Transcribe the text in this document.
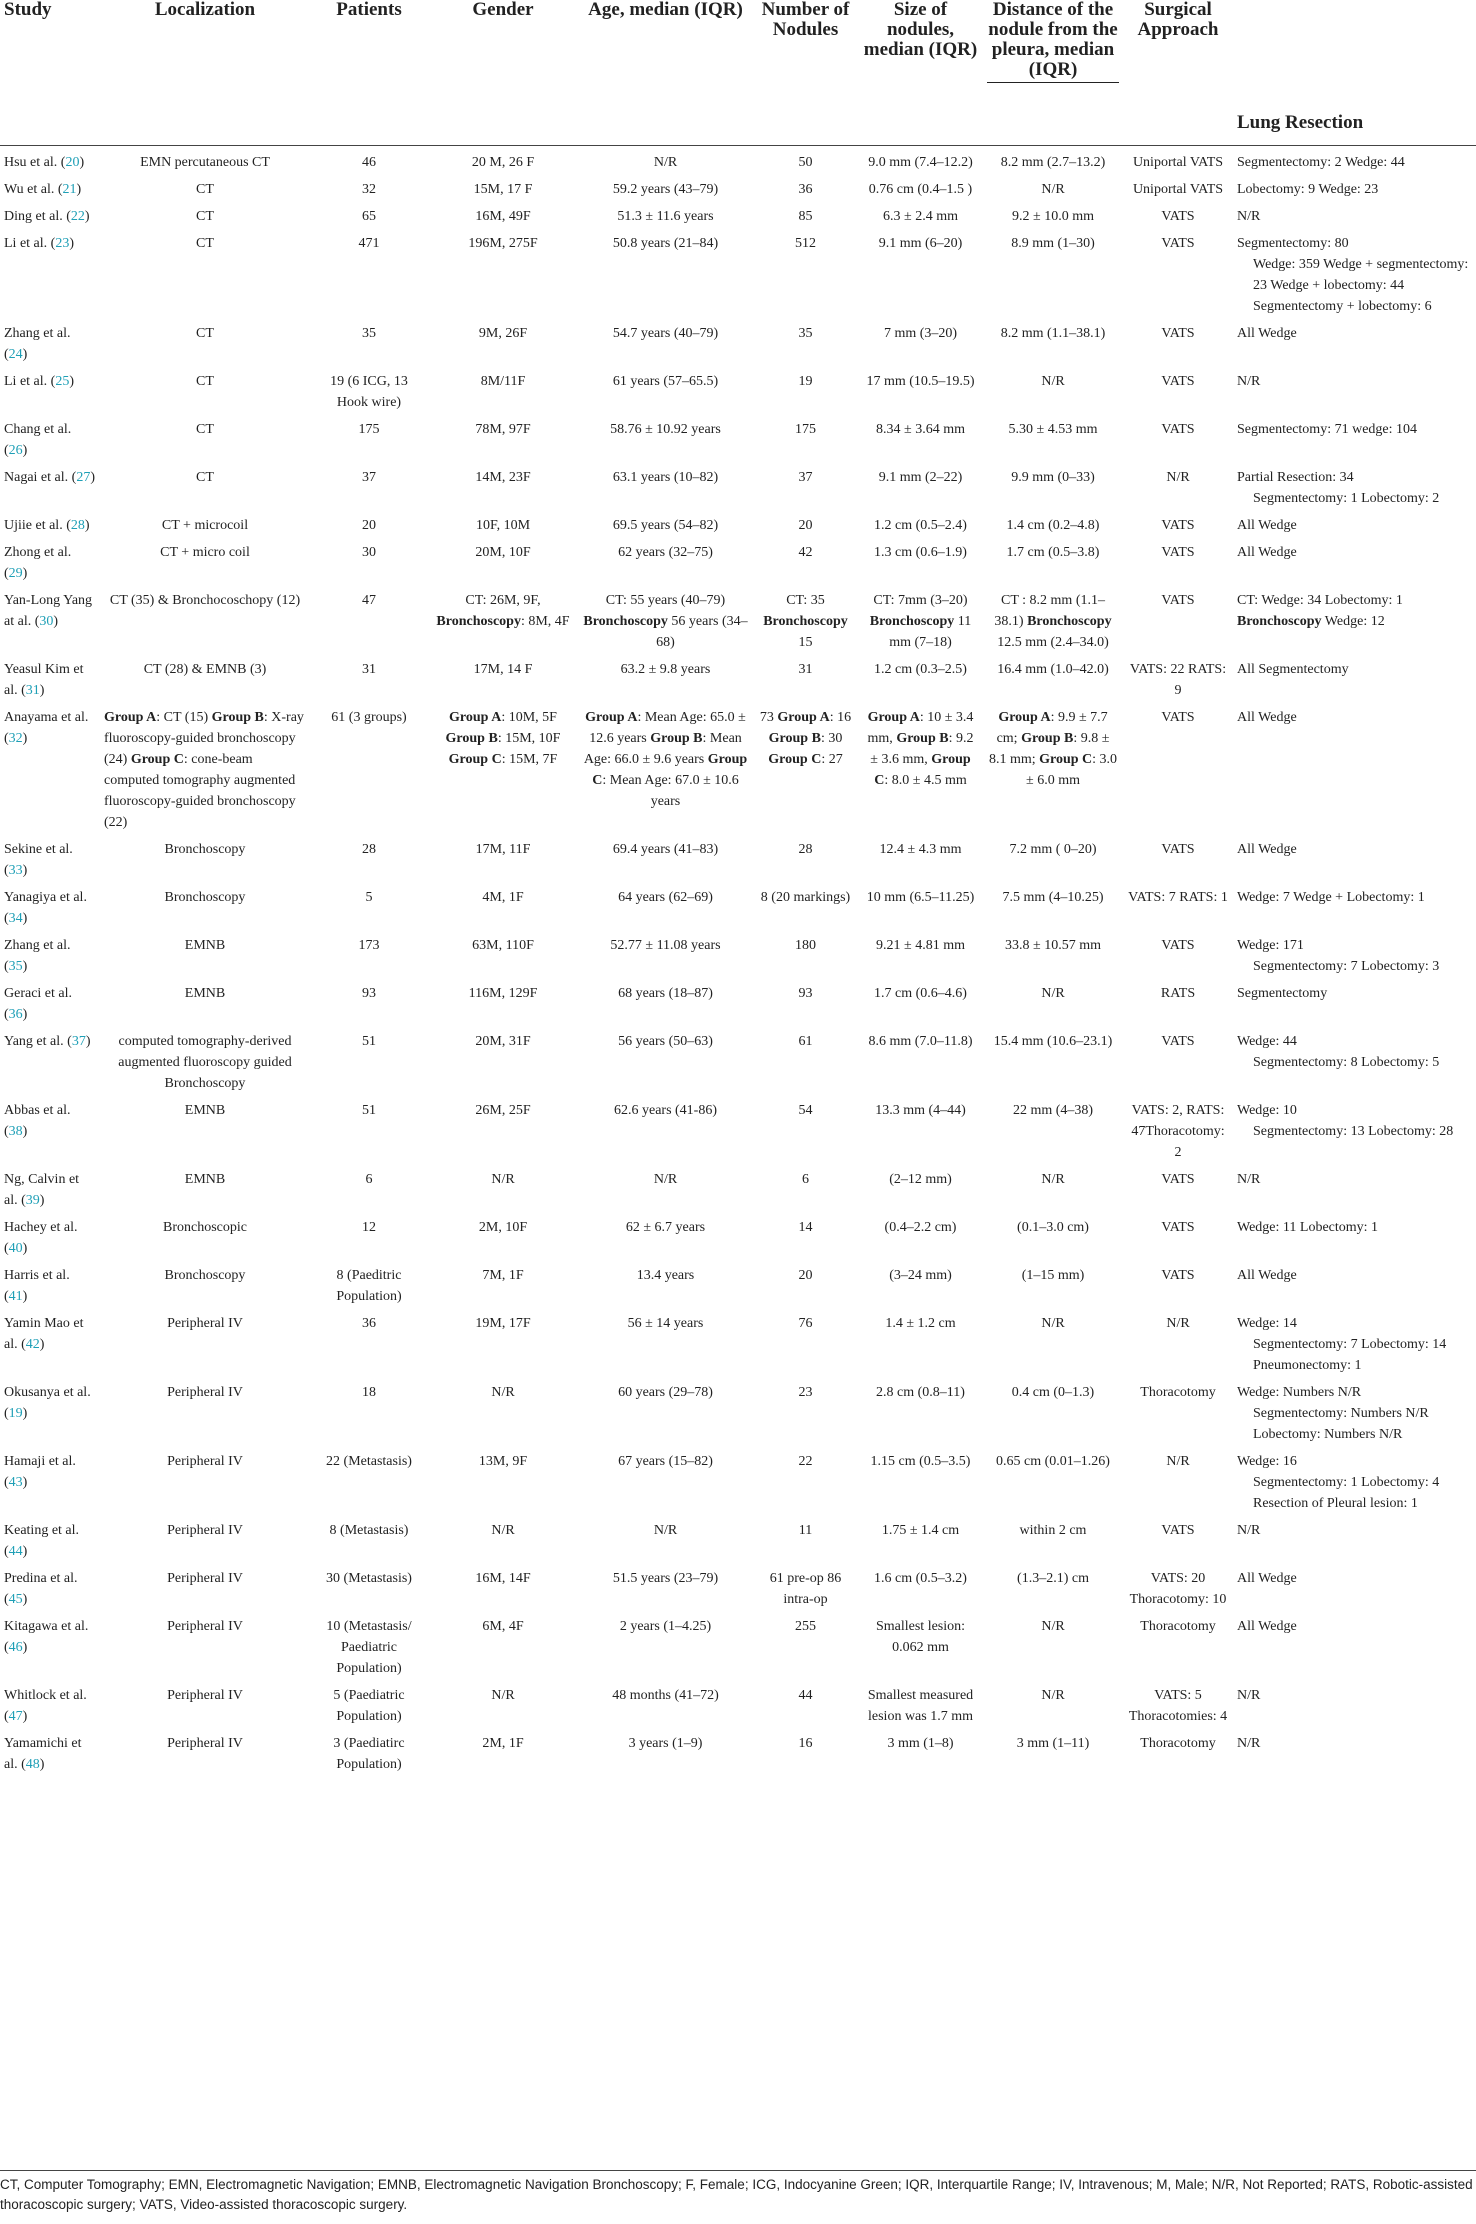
Study	Localization	Patients	Gender	Age, median (IQR)	Number of Nodules	Size of nodules, median (IQR)	Distance of the nodule from the pleura, median (IQR)	Surgical Approach	Lung Resection
Hsu et al. (20)	EMN percutaneous CT	46	20 M, 26 F	N/R	50	9.0 mm (7.4–12.2)	8.2 mm (2.7–13.2)	Uniportal VATS	Segmentectomy: 2 Wedge: 44
Wu et al. (21)	CT	32	15M, 17 F	59.2 years (43–79)	36	0.76 cm (0.4–1.5 )	N/R	Uniportal VATS	Lobectomy: 9 Wedge: 23
Ding et al. (22)	CT	65	16M, 49F	51.3 ± 11.6 years	85	6.3 ± 2.4 mm	9.2 ± 10.0 mm	VATS	N/R
Li et al. (23)	CT	471	196M, 275F	50.8 years (21–84)	512	9.1 mm (6–20)	8.9 mm (1–30)	VATS	Segmentectomy: 80
Wedge: 359 Wedge + segmentectomy: 23 Wedge + lobectomy: 44 Segmentectomy + lobectomy: 6

Zhang et al. (24)	CT	35	9M, 26F	54.7 years (40–79)	35	7 mm (3–20)	8.2 mm (1.1–38.1)	VATS	All Wedge
Li et al. (25)	CT	19 (6 ICG, 13 Hook wire)	8M/11F	61 years (57–65.5)	19	17 mm (10.5–19.5)	N/R	VATS	N/R
Chang et al. (26)	CT	175	78M, 97F	58.76 ± 10.92 years	175	8.34 ± 3.64 mm	5.30 ± 4.53 mm	VATS	Segmentectomy: 71 wedge: 104
Nagai et al. (27)	CT	37	14M, 23F	63.1 years (10–82)	37	9.1 mm (2–22)	9.9 mm (0–33)	N/R	Partial Resection: 34
Segmentectomy: 1 Lobectomy: 2

Ujiie et al. (28)	CT + microcoil	20	10F, 10M	69.5 years (54–82)	20	1.2 cm (0.5–2.4)	1.4 cm (0.2–4.8)	VATS	All Wedge
Zhong et al. (29)	CT + micro coil	30	20M, 10F	62 years (32–75)	42	1.3 cm (0.6–1.9)	1.7 cm (0.5–3.8)	VATS	All Wedge
Yan-Long Yang at al. (30)	CT (35) & Bronchocoschopy (12)	47	CT: 26M, 9F, Bronchoscopy: 8M, 4F	CT: 55 years (40–79) Bronchoscopy 56 years (34–68)	CT: 35 Bronchoscopy 15	CT: 7mm (3–20) Bronchoscopy 11 mm (7–18)	CT : 8.2 mm (1.1–38.1) Bronchoscopy 12.5 mm (2.4–34.0)	VATS	CT: Wedge: 34 Lobectomy: 1 Bronchoscopy Wedge: 12
Yeasul Kim et al. (31)	CT (28) & EMNB (3)	31	17M, 14 F	63.2 ± 9.8 years	31	1.2 cm (0.3–2.5)	16.4 mm (1.0–42.0)	VATS: 22 RATS: 9	All Segmentectomy
Anayama et al. (32)	Group A: CT (15) Group B: X-ray fluoroscopy-guided bronchoscopy (24) Group C: cone-beam computed tomography augmented fluoroscopy-guided bronchoscopy (22)	61 (3 groups)	Group A: 10M, 5F Group B: 15M, 10F Group C: 15M, 7F	Group A: Mean Age: 65.0 ± 12.6 years Group B: Mean Age: 66.0 ± 9.6 years Group C: Mean Age: 67.0 ± 10.6 years	73 Group A: 16 Group B: 30 Group C: 27	Group A: 10 ± 3.4 mm, Group B: 9.2 ± 3.6 mm, Group C: 8.0 ± 4.5 mm	Group A: 9.9 ± 7.7 cm; Group B: 9.8 ± 8.1 mm; Group C: 3.0 ± 6.0 mm	VATS	All Wedge
Sekine et al. (33)	Bronchoscopy	28	17M, 11F	69.4 years (41–83)	28	12.4 ± 4.3 mm	7.2 mm ( 0–20)	VATS	All Wedge
Yanagiya et al. (34)	Bronchoscopy	5	4M, 1F	64 years (62–69)	8 (20 markings)	10 mm (6.5–11.25)	7.5 mm (4–10.25)	VATS: 7 RATS: 1	Wedge: 7 Wedge + Lobectomy: 1
Zhang et al. (35)	EMNB	173	63M, 110F	52.77 ± 11.08 years	180	9.21 ± 4.81 mm	33.8 ± 10.57 mm	VATS	Wedge: 171
Segmentectomy: 7 Lobectomy: 3

Geraci et al. (36)	EMNB	93	116M, 129F	68 years (18–87)	93	1.7 cm (0.6–4.6)	N/R	RATS	Segmentectomy
Yang et al. (37)	computed tomography-derived augmented fluoroscopy guided Bronchoscopy	51	20M, 31F	56 years (50–63)	61	8.6 mm (7.0–11.8)	15.4 mm (10.6–23.1)	VATS	Wedge: 44
Segmentectomy: 8 Lobectomy: 5

Abbas et al. (38)	EMNB	51	26M, 25F	62.6 years (41-86)	54	13.3 mm (4–44)	22 mm (4–38)	VATS: 2, RATS: 47Thoracotomy: 2	Wedge: 10
Segmentectomy: 13 Lobectomy: 28

Ng, Calvin et al. (39)	EMNB	6	N/R	N/R	6	(2–12 mm)	N/R	VATS	N/R
Hachey et al. (40)	Bronchoscopic	12	2M, 10F	62 ± 6.7 years	14	(0.4–2.2 cm)	(0.1–3.0 cm)	VATS	Wedge: 11 Lobectomy: 1
Harris et al. (41)	Bronchoscopy	8 (Paeditric Population)	7M, 1F	13.4 years	20	(3–24 mm)	(1–15 mm)	VATS	All Wedge
Yamin Mao et al. (42)	Peripheral IV	36	19M, 17F	56 ± 14 years	76	1.4 ± 1.2 cm	N/R	N/R	Wedge: 14
Segmentectomy: 7 Lobectomy: 14 Pneumonectomy: 1

Okusanya et al. (19)	Peripheral IV	18	N/R	60 years (29–78)	23	2.8 cm (0.8–11)	0.4 cm (0–1.3)	Thoracotomy	Wedge: Numbers N/R
Segmentectomy: Numbers N/R Lobectomy: Numbers N/R

Hamaji et al. (43)	Peripheral IV	22 (Metastasis)	13M, 9F	67 years (15–82)	22	1.15 cm (0.5–3.5)	0.65 cm (0.01–1.26)	N/R	Wedge: 16
Segmentectomy: 1 Lobectomy: 4 Resection of Pleural lesion: 1

Keating et al. (44)	Peripheral IV	8 (Metastasis)	N/R	N/R	11	1.75 ± 1.4 cm	within 2 cm	VATS	N/R
Predina et al. (45)	Peripheral IV	30 (Metastasis)	16M, 14F	51.5 years (23–79)	61 pre-op 86 intra-op	1.6 cm (0.5–3.2)	(1.3–2.1) cm	VATS: 20 Thoracotomy: 10	All Wedge
Kitagawa et al. (46)	Peripheral IV	10 (Metastasis/ Paediatric Population)	6M, 4F	2 years (1–4.25)	255	Smallest lesion: 0.062 mm	N/R	Thoracotomy	All Wedge
Whitlock et al. (47)	Peripheral IV	5 (Paediatric Population)	N/R	48 months (41–72)	44	Smallest measured lesion was 1.7 mm	N/R	VATS: 5 Thoracotomies: 4	N/R
Yamamichi et al. (48)	Peripheral IV	3 (Paediatirc Population)	2M, 1F	3 years (1–9)	16	3 mm (1–8)	3 mm (1–11)	Thoracotomy	N/R
CT, Computer Tomography; EMN, Electromagnetic Navigation; EMNB, Electromagnetic Navigation Bronchoscopy; F, Female; ICG, Indocyanine Green; IQR, Interquartile Range; IV, Intravenous; M, Male; N/R, Not Reported; RATS, Robotic-assisted thoracoscopic surgery; VATS, Video-assisted thoracoscopic surgery.
